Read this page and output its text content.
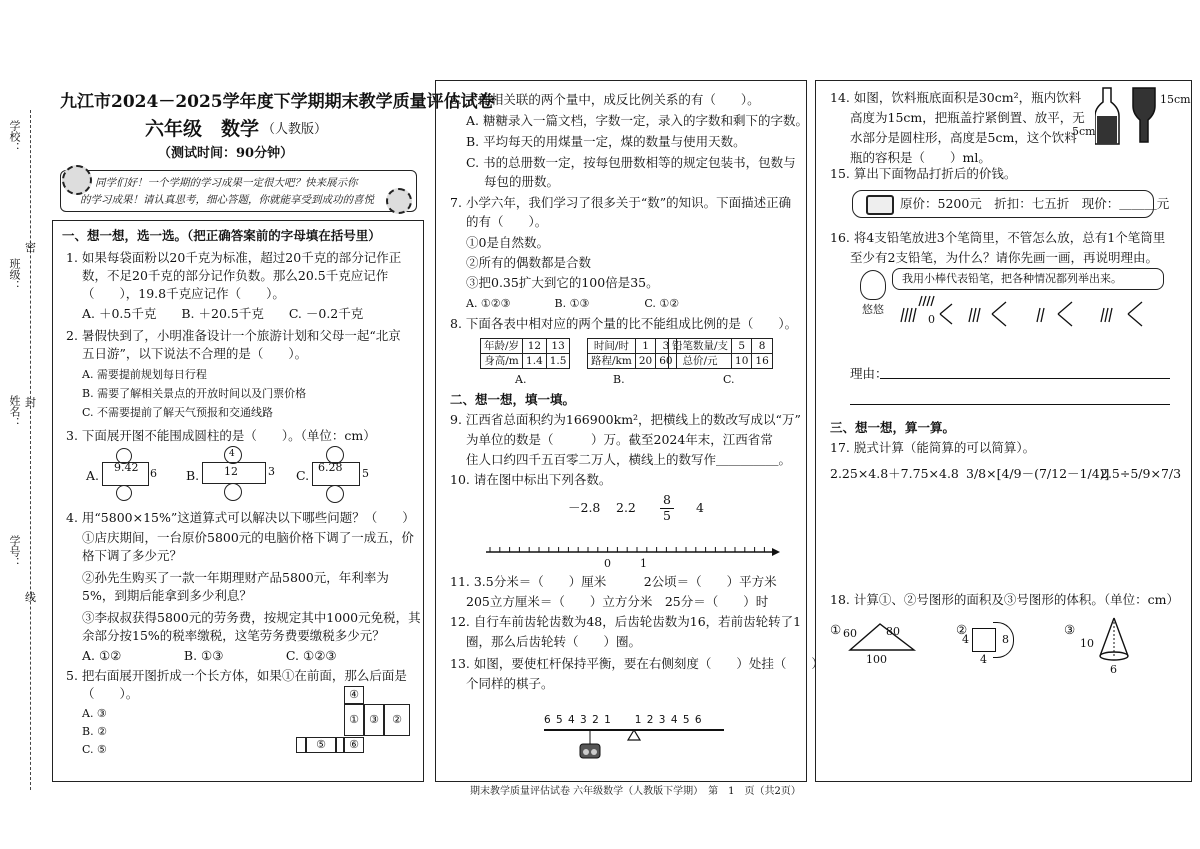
学校：
班级：
姓名：
学号：
密
封
线
九江市2024－2025学年度下学期期末教学质量评估试卷
六年级　数学 （人教版）
（测试时间：90分钟）
同学们好！一个学期的学习成果一定很大吧？快来展示你
的学习成果！请认真思考，细心答题，你就能享受到成功的喜悦
一、想一想，选一选。（把正确答案前的字母填在括号里）
1. 如果每袋面粉以20千克为标准，超过20千克的部分记作正
数，不足20千克的部分记作负数。那么20.5千克应记作
（　　），19.8千克应记作（　　）。
A. ＋0.5千克　　B. ＋20.5千克　　C. －0.2千克
2. 暑假快到了，小明准备设计一个旅游计划和父母一起“北京
五日游”，以下说法不合理的是（　　）。
A. 需要提前规划每日行程
B. 需要了解相关景点的开放时间以及门票价格
C. 不需要提前了解天气预报和交通线路
3. 下面展开图不能围成圆柱的是（　　）。（单位：cm）
A.
9.42 6 B. 12	3
4
C.
6.28 5
4. 用“5800×15%”这道算式可以解决以下哪些问题？（　　）
①店庆期间，一台原价5800元的电脑价格下调了一成五，价
格下调了多少元？
②孙先生购买了一款一年期理财产品5800元，年利率为
5%，到期后能拿到多少利息？
③李叔叔获得5800元的劳务费，按规定其中1000元免税，其
余部分按15%的税率缴税，这笔劳务费要缴税多少元？
A. ①②　　　　　B. ①③　　　　　C. ①②③
5. 把右面展开图折成一个长方体，如果①在前面，那么后面是
（　　）。
A. ③
B. ②
C. ⑤
④
① ③	②
⑤	⑥
6. 下面相关联的两个量中，成反比例关系的有（　　）。
A. 糖糖录入一篇文档，字数一定，录入的字数和剩下的字数。
B. 平均每天的用煤量一定，煤的数量与使用天数。
C. 书的总册数一定，按每包册数相等的规定包装书，包数与
每包的册数。
7. 小学六年，我们学习了很多关于“数”的知识。下面描述正确
的有（　　）。
①0是自然数。
②所有的偶数都是合数
③把0.35扩大到它的100倍是35。
A. ①②③　　　　B. ①③　　　　　C. ①②
8. 下面各表中相对应的两个量的比不能组成比例的是（　　）。
年龄/岁	12	13
身高/m	1.4	1.5
时间/时	1	3
路程/km	20	60
铅笔数量/支	5	8
总价/元	10	16
A.	B.	C.
二、想一想，填一填。
9. 江西省总面积约为166900km²，把横线上的数改写成以“万”
为单位的数是（　　　）万。截至2024年末，江西省常
住人口约四千五百零二万人，横线上的数写作＿＿＿＿＿。
10. 请在图中标出下列各数。
－2.8 2.2
8
5
4
0	1
11. 3.5分米＝（　　）厘米　　　2公顷＝（　　）平方米
205立方厘米＝（　　）立方分米　25分＝（　　）时
12. 自行车前齿轮齿数为48，后齿轮齿数为16，若前齿轮转了1
圈，那么后齿轮转（　　）圈。
13. 如图，要使杠杆保持平衡，要在右侧刻度（　　）处挂（　　）
个同样的棋子。
6 5 4 3 2 1　　1 2 3 4 5 6
14. 如图，饮料瓶底面积是30cm²，瓶内饮料
高度为15cm，把瓶盖拧紧倒置、放平，无
水部分是圆柱形，高度是5cm，这个饮料
瓶的容积是（　　）ml。
15cm
5cm
15. 算出下面物品打折后的价钱。
原价：5200元　折扣：七五折　现价：＿＿＿元
16. 将4支铅笔放进3个笔筒里，不管怎么放，总有1个笔筒里
至少有2支铅笔，为什么？请你先画一画，再说明理由。
悠悠
我用小棒代表铅笔，把各种情况都列举出来。
0
理由：
三、想一想，算一算。
17. 脱式计算（能简算的可以简算）。
2.25×4.8＋7.75×4.8 3/8×[4/9－(7/12－1/4)]
2.5÷5/9×7/3
18. 计算①、②号图形的面积及③号图形的体积。（单位：cm）
① 60	80
100
②
4
4
8
③
10
6
期末教学质量评估试卷 六年级数学（人教版下学期）　第　1　页（共2页）
